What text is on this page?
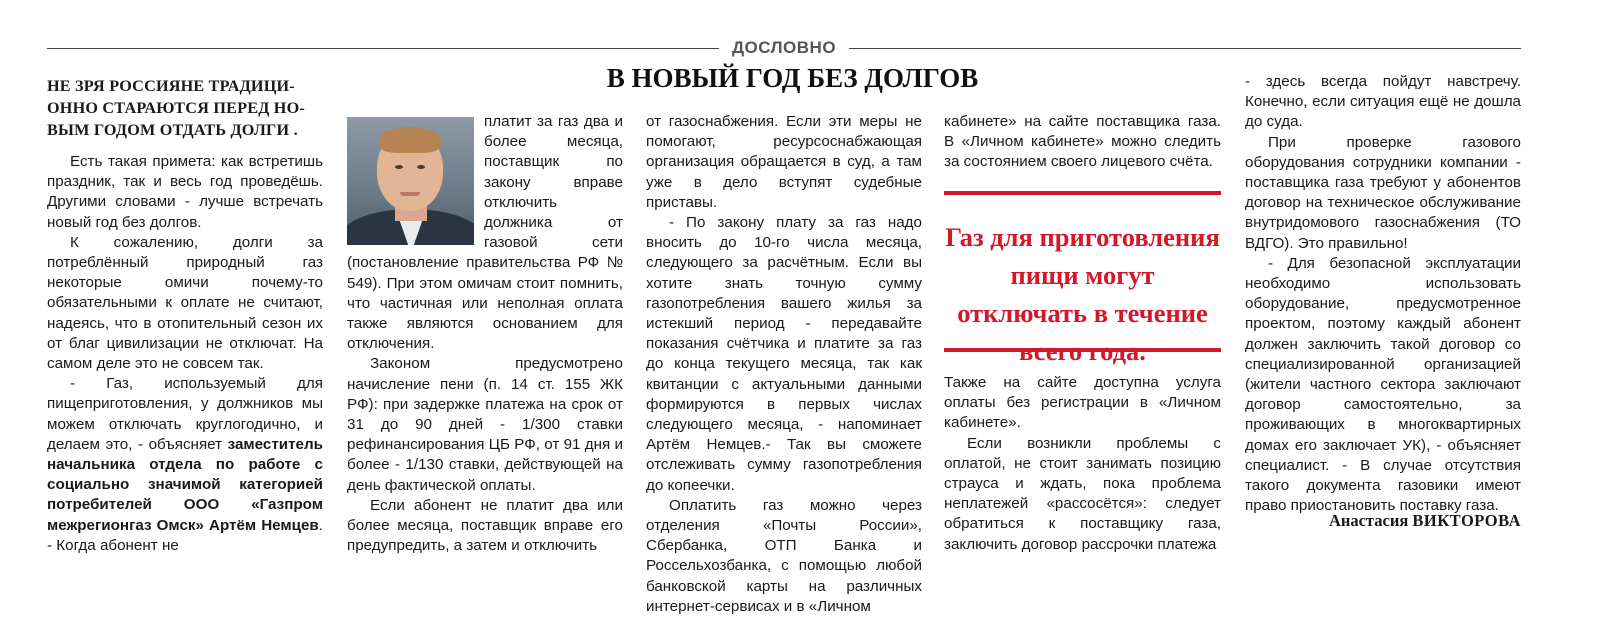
ДОСЛОВНО
В НОВЫЙ ГОД БЕЗ ДОЛГОВ
НЕ ЗРЯ РОССИЯНЕ ТРАДИЦИ-ОННО СТАРАЮТСЯ ПЕРЕД НО-ВЫМ ГОДОМ ОТДАТЬ ДОЛГИ .

Есть такая примета: как встретишь праздник, так и весь год проведёшь. Другими словами - лучше встречать новый год без долгов.

К сожалению, долги за потреблённый природный газ некоторые омичи почему-то обязательными к оплате не считают, надеясь, что в отопительный сезон их от благ цивилизации не отключат. На самом деле это не совсем так.

- Газ, используемый для пищеприготовления, у должников мы можем отключать круглогодично, и делаем это, - объясняет заместитель начальника отдела по работе с социально значимой категорией потребителей ООО «Газпром межрегионгаз Омск» Артём Немцев. - Когда абонент не

платит за газ два и более месяца, поставщик по закону вправе отключить должника от газовой сети (постановление правительства РФ № 549). При этом омичам стоит помнить, что частичная или неполная оплата также являются основанием для отключения.

Законом предусмотрено начисление пени (п. 14 ст. 155 ЖК РФ): при задержке платежа на срок от 31 до 90 дней - 1/300 ставки рефинансирования ЦБ РФ, от 91 дня и более - 1/130 ставки, действующей на день фактической оплаты.

Если абонент не платит два или более месяца, поставщик вправе его предупредить, а затем и отключить

от газоснабжения. Если эти меры не помогают, ресурсоснабжающая организация обращается в суд, а там уже в дело вступят судебные приставы.

- По закону плату за газ надо вносить до 10-го числа месяца, следующего за расчётным. Если вы хотите знать точную сумму газопотребления вашего жилья за истекший период - передавайте показания счётчика и платите за газ до конца текущего месяца, так как квитанции с актуальными данными формируются в первых числах следующего месяца, - напоминает Артём Немцев.- Так вы сможете отслеживать сумму газопотребления до копеечки.

Оплатить газ можно через отделения «Почты России», Сбербанка, ОТП Банка и Россельхозбанка, с помощью любой банковской карты на различных интернет-сервисах и в «Личном

кабинете» на сайте поставщика газа. В «Личном кабинете» можно следить за состоянием своего лицевого счёта.

Газ для приготовления пищи могут отключать в течение

Также на сайте доступна услуга оплаты без регистрации в «Личном кабинете».

Если возникли проблемы с оплатой, не стоит занимать позицию страуса и ждать, пока проблема неплатежей «рассосётся»: следует обратиться к поставщику газа, заключить договор рассрочки платежа

- здесь всегда пойдут навстречу. Конечно, если ситуация ещё не дошла до суда.

При проверке газового оборудования сотрудники компании - поставщика газа требуют у абонентов договор на техническое обслуживание внутридомового газоснабжения (ТО ВДГО). Это правильно!

- Для безопасной эксплуатации необходимо использовать оборудование, предусмотренное проектом, поэтому каждый абонент должен заключить такой договор со специализированной организацией (жители частного сектора заключают договор самостоятельно, за проживающих в многоквартирных домах его заключает УК), - объясняет специалист. - В случае отсутствия такого документа газовики имеют право приостановить поставку газа.

Анастасия ВИКТОРОВА
